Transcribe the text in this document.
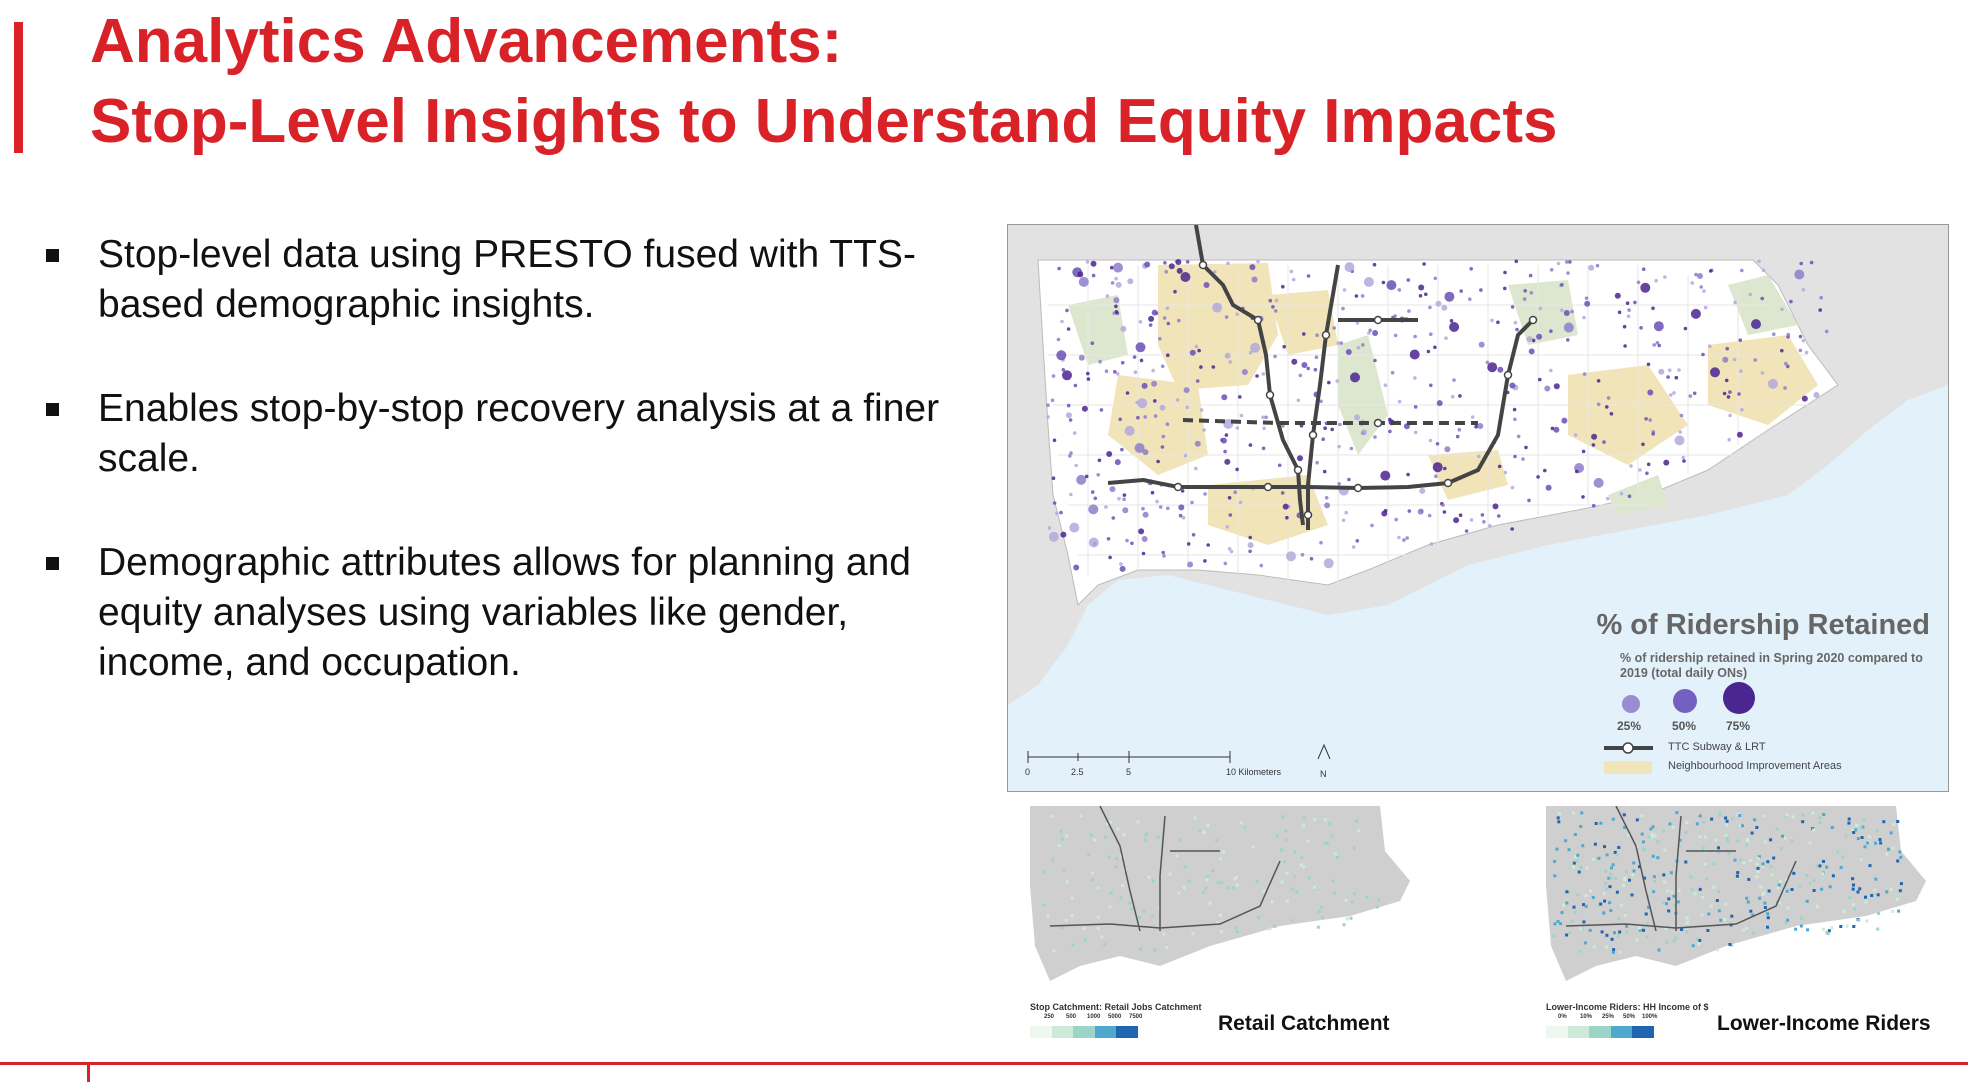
Analytics Advancements:
Stop-Level Insights to Understand Equity Impacts
Stop-level data using PRESTO fused with TTS-based demographic insights.
Enables stop-by-stop recovery analysis at a finer scale.
Demographic attributes allows for planning and equity analyses using variables like gender, income, and occupation.
0	2.5	5	10 Kilometers	N
% of Ridership Retained
% of ridership retained in Spring 2020 compared to 2019 (total daily ONs)
25%	50% 75%
TTC Subway & LRT
Neighbourhood Improvement Areas
Stop Catchment: Retail Jobs Catchment
250 500 1000 5000 7500	Retail Catchment
Lower-Income Riders: HH Income of $
0% 10% 25% 50% 100%	Lower-Income Riders
